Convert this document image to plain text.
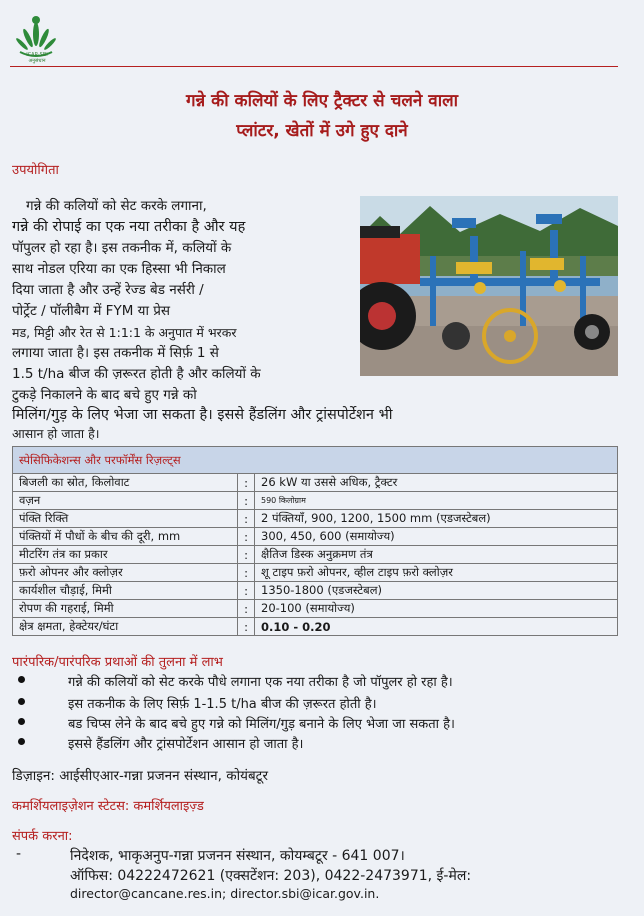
ICAR-SBI
अनुसंधान
गन्ने की कलियों के लिए ट्रैक्टर से चलने वाला
प्लांटर, खेतों में उगे हुए दाने
उपयोगिता
गन्ने की कलियों को सेट करके लगाना,
गन्ने की रोपाई का एक नया तरीका है और यह
पॉपुलर हो रहा है। इस तकनीक में, कलियों के
साथ नोडल एरिया का एक हिस्सा भी निकाल
दिया जाता है और उन्हें रेज्ड बेड नर्सरी /
पोर्ट्रेट / पॉलीबैग में FYM या प्रेस
मड, मिट्टी और रेत से 1:1:1 के अनुपात में भरकर
लगाया जाता है। इस तकनीक में सिर्फ़ 1 से
1.5 t/ha बीज की ज़रूरत होती है और कलियों के
टुकड़े निकालने के बाद बचे हुए गन्ने को
मिलिंग/गुड़ के लिए भेजा जा सकता है। इससे हैंडलिंग और ट्रांसपोर्टेशन भी
आसान हो जाता है।
स्पेसिफिकेशन्स और परफॉर्मेंस रिज़ल्ट्स		
बिजली का स्रोत, किलोवाट	:	26 kW या उससे अधिक, ट्रैक्टर
वज़न	:	590 किलोग्राम
पंक्ति रिक्ति	:	2 पंक्तियाँ, 900, 1200, 1500 mm (एडजस्टेबल)
पंक्तियों में पौधों के बीच की दूरी, mm	:	300, 450, 600 (समायोज्य)
मीटरिंग तंत्र का प्रकार	:	क्षैतिज डिस्क अनुक्रमण तंत्र
फ़रो ओपनर और क्लोज़र	:	शू टाइप फ़रो ओपनर, व्हील टाइप फ़रो क्लोज़र
कार्यशील चौड़ाई, मिमी	:	1350-1800 (एडजस्टेबल)
रोपण की गहराई, मिमी	:	20-100 (समायोज्य)
क्षेत्र क्षमता, हेक्टेयर/घंटा	:	0.10 - 0.20
पारंपरिक/पारंपरिक प्रथाओं की तुलना में लाभ
गन्ने की कलियों को सेट करके पौधे लगाना एक नया तरीका है जो पॉपुलर हो रहा है।
इस तकनीक के लिए सिर्फ़ 1-1.5 t/ha बीज की ज़रूरत होती है।
बड चिप्स लेने के बाद बचे हुए गन्ने को मिलिंग/गुड़ बनाने के लिए भेजा जा सकता है।
इससे हैंडलिंग और ट्रांसपोर्टेशन आसान हो जाता है।
डिज़ाइन: आईसीएआर-गन्ना प्रजनन संस्थान, कोयंबटूर
कमर्शियलाइज़ेशन स्टेटस: कमर्शियलाइज़्ड
संपर्क करना:
-	निदेशक, भाकृअनुप-गन्ना प्रजनन संस्थान, कोयम्बटूर - 641 007।
ऑफिस: 04222472621 (एक्सटेंशन: 203), 0422-2473971, ई-मेल:
director@cancane.res.in; director.sbi@icar.gov.in.
